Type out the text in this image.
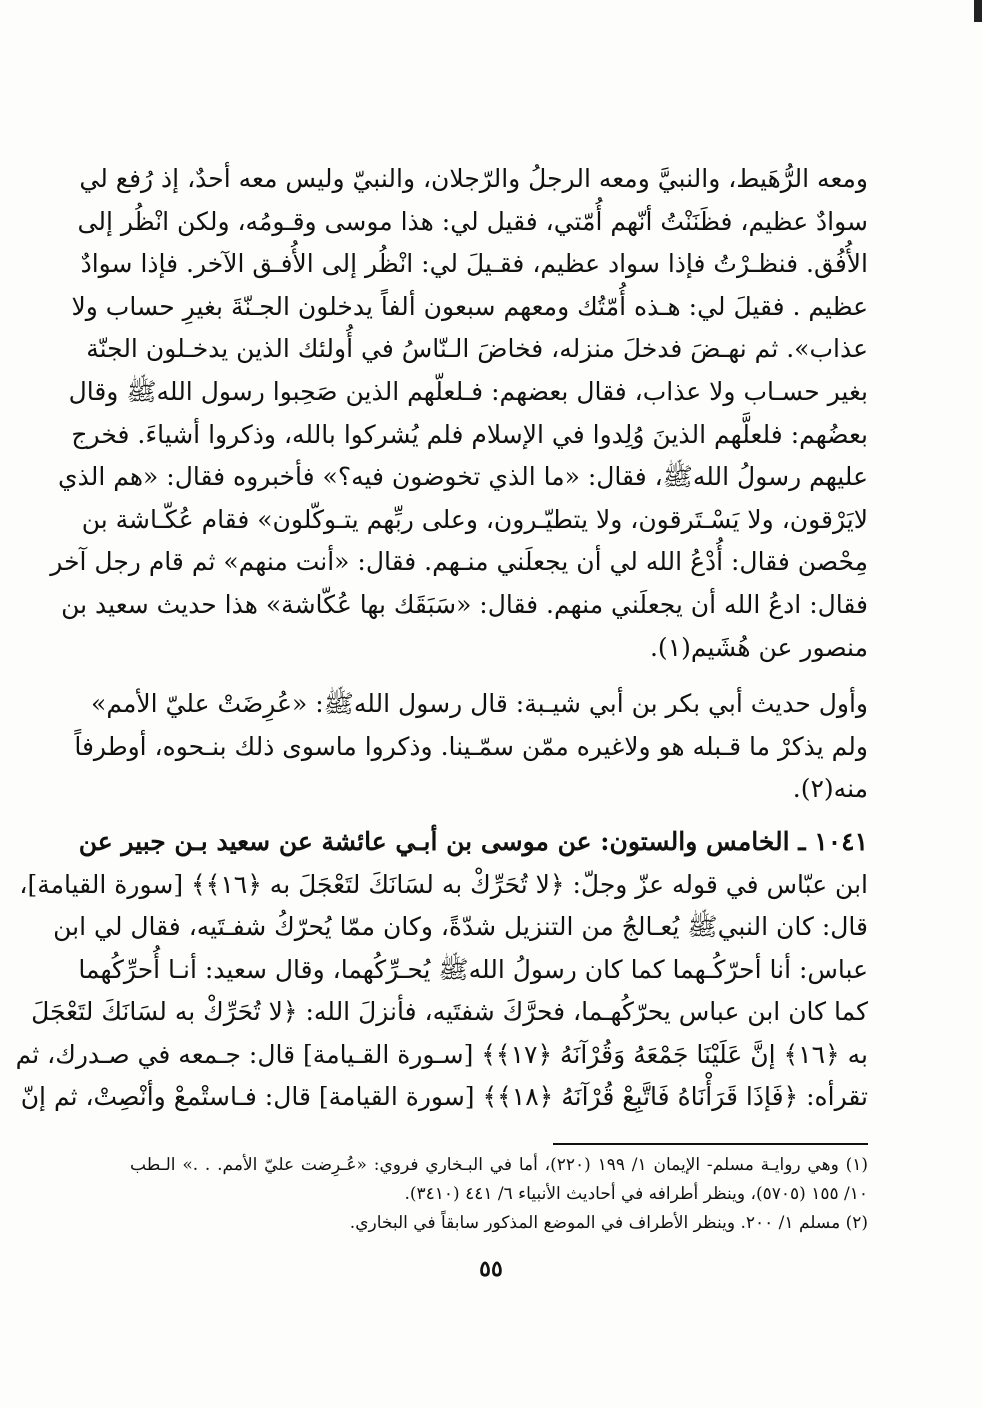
ومعه الرُّهَيط، والنبيَّ ومعه الرجلُ والرّجلان، والنبيّ وليس معه أحدٌ، إذ رُفع لي
سوادٌ عظيم، فظَنَنْتُ أنّهم أُمّتي، فقيل لي: هذا موسى وقـومُه، ولكن انْظُر إلى
الأُفُق. فنظـرْتُ فإذا سواد عظيم، فقـيلَ لي: انْظُر إلى الأُفـق الآخر. فإذا سوادٌ
عظيم . فقيلَ لي: هـذه أُمّتُك ومعهم سبعون ألفاً يدخلون الجـنّةَ بغيرِ حساب ولا
عذاب». ثم نهـضَ فدخلَ منزله، فخاضَ الـنّاسُ في أُولئك الذين يدخـلون الجنّة
بغير حسـاب ولا عذاب، فقال بعضهم: فـلعلّهم الذين صَحِبوا رسول اللهﷺ وقال
بعضُهم: فلعلَّهم الذينَ وُلِدوا في الإسلام فلم يُشركوا بالله، وذكروا أشياءَ. فخرج
عليهم رسولُ اللهﷺ، فقال: «ما الذي تخوضون فيه؟» فأخبروه فقال: «هم الذي
لايَرْقون، ولا يَسْـتَرقون، ولا يتطيّـرون، وعلى ربِّهم يتـوكّلون» فقام عُكّـاشة بن
مِحْصن فقال: أُدْعُ الله لي أن يجعلَني منـهم. فقال: «أنت منهم» ثم قام رجل آخر
فقال: ادعُ الله أن يجعلَني منهم. فقال: «سَبَقَك بها عُكّاشة» هذا حديث سعيد بن
منصور عن هُشَيم(١).
وأول حديث أبي بكر بن أبي شيـبة: قال رسول اللهﷺ: «عُرِضَتْ عليّ الأمم»
ولم يذكرْ ما قـبله هو ولاغيره ممّن سمّـينا. وذكروا ماسوى ذلك بنـحوه، أوطرفاً
منه(٢).
١٠٤١ ـ الخامس والستون: عن موسى بن أبـي عائشة عن سعيد بـن جبير عن
ابن عبّاس في قوله عزّ وجلّ: ﴿لا تُحَرِّكْ به لسَانَكَ لتَعْجَلَ به ﴿١٦﴾﴾ [سورة القيامة]،
قال: كان النبيﷺ يُعـالجُ من التنزيل شدّةً، وكان ممّا يُحرّكُ شفـتَيه، فقال لي ابن
عباس: أنا أحرّكُـهما كما كان رسولُ اللهﷺ يُحـرِّكُهما، وقال سعيد: أنـا أُحرِّكُهما
كما كان ابن عباس يحرّكُهـما، فحرَّكَ شفتَيه، فأنزلَ الله: ﴿لا تُحَرِّكْ به لسَانَكَ لتَعْجَلَ
به ﴿١٦﴾ إنَّ عَلَيْنَا جَمْعَهُ وَقُرْآنَهُ ﴿١٧﴾﴾ [سـورة القـيامة] قال: جـمعه في صـدرك، ثم
تقرأه: ﴿فَإذَا قَرَأْنَاهُ فَاتَّبِعْ قُرْآنَهُ ﴿١٨﴾﴾ [سورة القيامة] قال: فـاستْمعْ وأنْصِتْ، ثم إنّ
(١) وهي روايـة مسلم- الإيمان ١/ ١٩٩ (٢٢٠)، أما في البـخاري فروي: «عُـرِضت عليّ الأمم. . .» الـطب
١٠/ ١٥٥ (٥٧٠٥)، وينظر أطرافه في أحاديث الأنبياء ٦/ ٤٤١ (٣٤١٠).
(٢) مسلم ١/ ٢٠٠. وينظر الأطراف في الموضع المذكور سابقاً في البخاري.
٥٥
